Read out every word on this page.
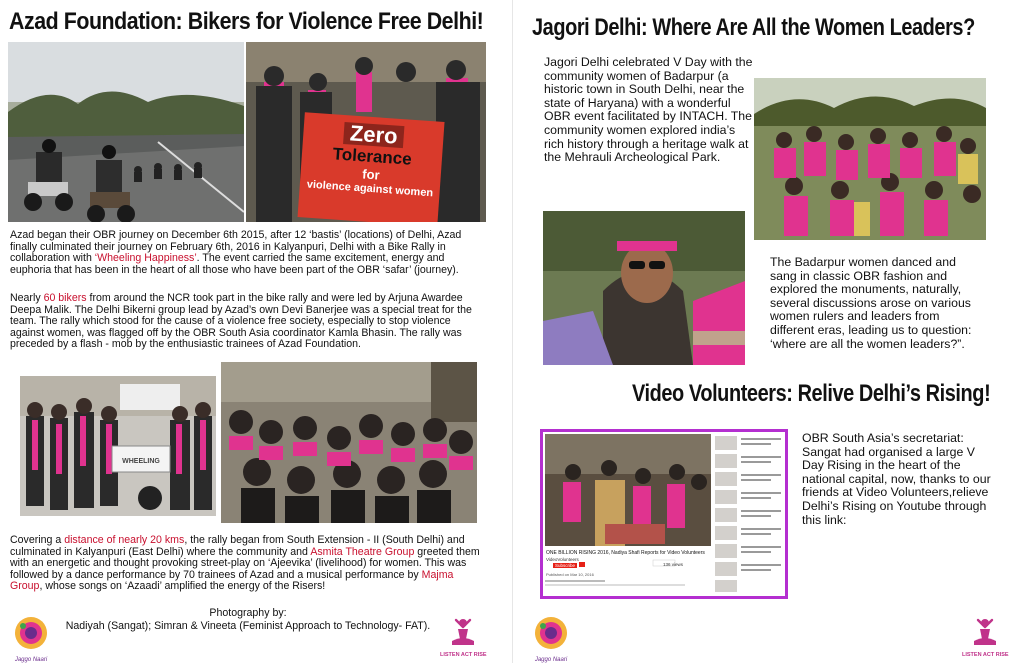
Azad Foundation: Bikers for Violence Free Delhi!
Zero
Tolerance
for
violence against women
Azad began their OBR journey on December 6th 2015, after 12 ‘bastis’ (locations) of Delhi, Azad finally culminated their journey on February 6th, 2016 in Kalyanpuri, Delhi with a Bike Rally in collaboration with ‘Wheeling Happiness’. The event carried the same excitement, energy and euphoria that has been in the heart of all those who have been part of the OBR ‘safar’ (journey).
Nearly 60 bikers from around the NCR took part in the bike rally and were led by Arjuna Awardee Deepa Malik. The Delhi Bikerni group lead by Azad’s own Devi Banerjee was a special treat for the team. The rally which stood for the cause of a violence free society, especially to stop violence against women, was flagged off by the OBR South Asia coordinator Kamla Bhasin. The rally was preceded by a flash - mob by the enthusiastic trainees of Azad Foundation.
WHEELING
Covering a distance of nearly 20 kms, the rally began from South Extension - II (South Delhi) and culminated in Kalyanpuri (East Delhi) where the community and Asmita Theatre Group greeted them with an energetic and thought provoking street-play on ‘Ajeevika’ (livelihood) for women. This was followed by a dance performance by 70 trainees of Azad and a musical performance by Majma Group, whose songs on ‘Azaadi’ amplified the energy of the Risers!
Photography by:
Nadiyah (Sangat); Simran & Vineeta (Feminist Approach to Technology- FAT).
Jaggo Naari
LISTEN ACT RISE
Jagori Delhi: Where Are All the Women Leaders?
Jagori Delhi celebrated V Day with the community women of Badarpur (a historic town in South Delhi, near the state of Haryana) with a wonderful OBR event facilitated by INTACH. The community women explored india’s rich history through a heritage walk at the Mehrauli Archeological Park.
The Badarpur women danced and sang in classic OBR fashion and explored the monuments, naturally, several discussions arose on various women rulers and leaders from different eras, leading us to question: ‘where are all the women leaders?”.
Video Volunteers: Relive Delhi’s Rising!
ONE BILLION RISING 2016, Nadiya Shafi Reports for Video Volunteers
VideoVolunteers
Subscribe	136 views
Published on Mar 10, 2016
OBR South Asia’s secretariat: Sangat had organised a large V Day Rising in the heart of the national capital, now, thanks to our friends at Video Volunteers,relieve Delhi’s Rising on Youtube through this link:
Jaggo Naari
LISTEN ACT RISE
